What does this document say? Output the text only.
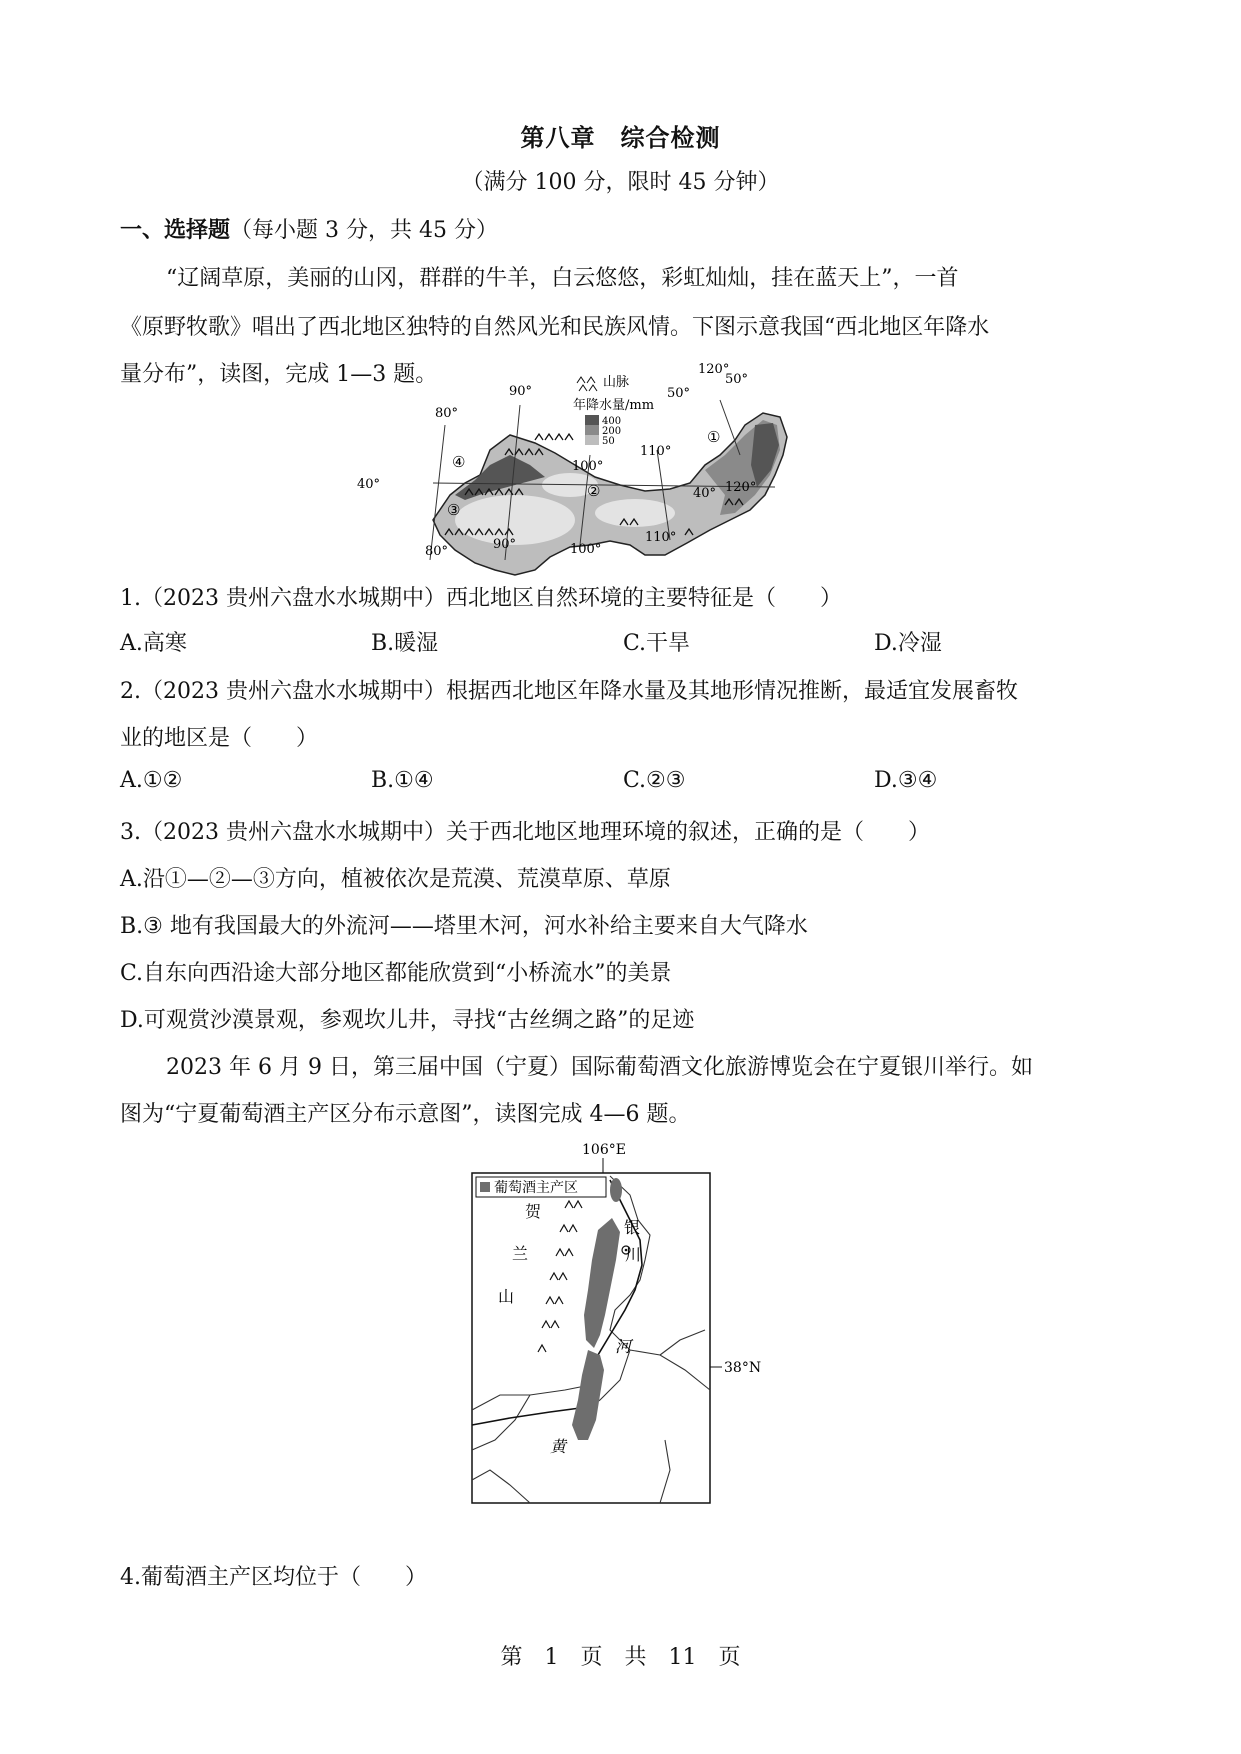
第八章　综合检测
（满分 100 分，限时 45 分钟）
一、选择题（每小题 3 分，共 45 分）
“辽阔草原，美丽的山冈，群群的牛羊，白云悠悠，彩虹灿灿，挂在蓝天上”，一首
《原野牧歌》唱出了西北地区独特的自然风光和民族风情。下图示意我国“西北地区年降水
量分布”，读图，完成 1—3 题。	山脉
年降水量/mm
400
200
50
80°
90°
120°
50°
50°
110°
100°
40°
40° 120°
80°	90°	100°
110°
①
②
③
④
1.（2023 贵州六盘水水城期中）西北地区自然环境的主要特征是（　　）
A.高寒	B.暖湿	C.干旱	D.冷湿
2.（2023 贵州六盘水水城期中）根据西北地区年降水量及其地形情况推断，最适宜发展畜牧
业的地区是（　　）
A.①②	B.①④	C.②③	D.③④
3.（2023 贵州六盘水水城期中）关于西北地区地理环境的叙述，正确的是（　　）
A.沿①—②—③方向，植被依次是荒漠、荒漠草原、草原
B.③ 地有我国最大的外流河——塔里木河，河水补给主要来自大气降水
C.自东向西沿途大部分地区都能欣赏到“小桥流水”的美景
D.可观赏沙漠景观，参观坎儿井，寻找“古丝绸之路”的足迹
2023 年 6 月 9 日，第三届中国（宁夏）国际葡萄酒文化旅游博览会在宁夏银川举行。如
图为“宁夏葡萄酒主产区分布示意图”，读图完成 4—6 题。
106°E
葡萄酒主产区
贺
兰
山
银
川
河
黄
38°N
4.葡萄酒主产区均位于（　　）
第　1　页　共　11　页
